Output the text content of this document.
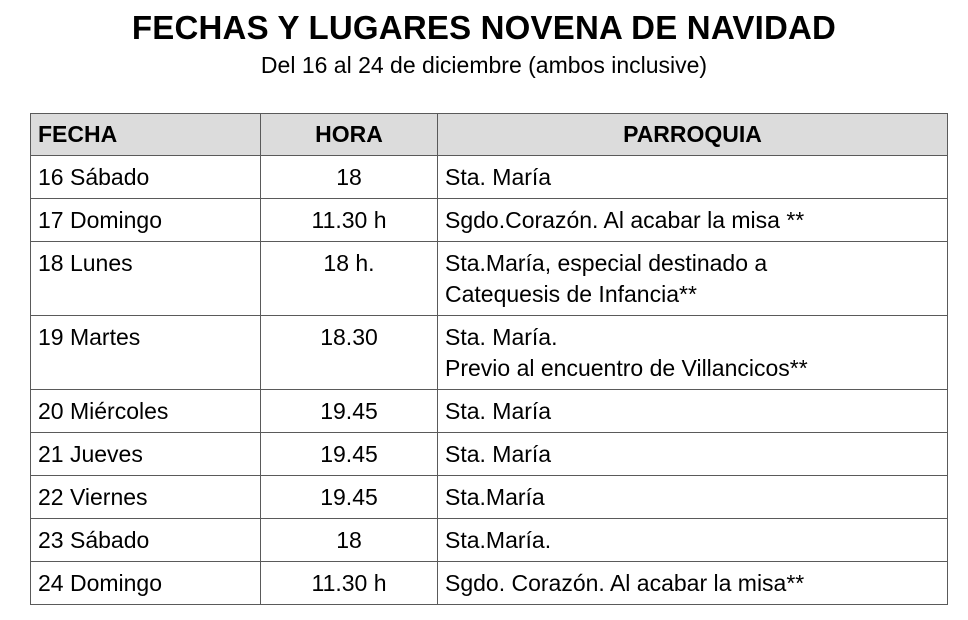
FECHAS Y LUGARES NOVENA DE NAVIDAD
Del 16 al 24 de diciembre (ambos inclusive)
FECHA	HORA	PARROQUIA
16 Sábado	18	Sta. María

17 Domingo	11.30 h	Sgdo.Corazón. Al acabar la misa **

18 Lunes	18 h.	Sta.María, especial destinado a
Catequesis de Infancia**

19 Martes	18.30	Sta. María.
Previo al encuentro de Villancicos**

20 Miércoles	19.45	Sta. María

21 Jueves	19.45	Sta. María

22 Viernes	19.45	Sta.María

23 Sábado	18	Sta.María.

24 Domingo	11.30 h	Sgdo. Corazón. Al acabar la misa**
